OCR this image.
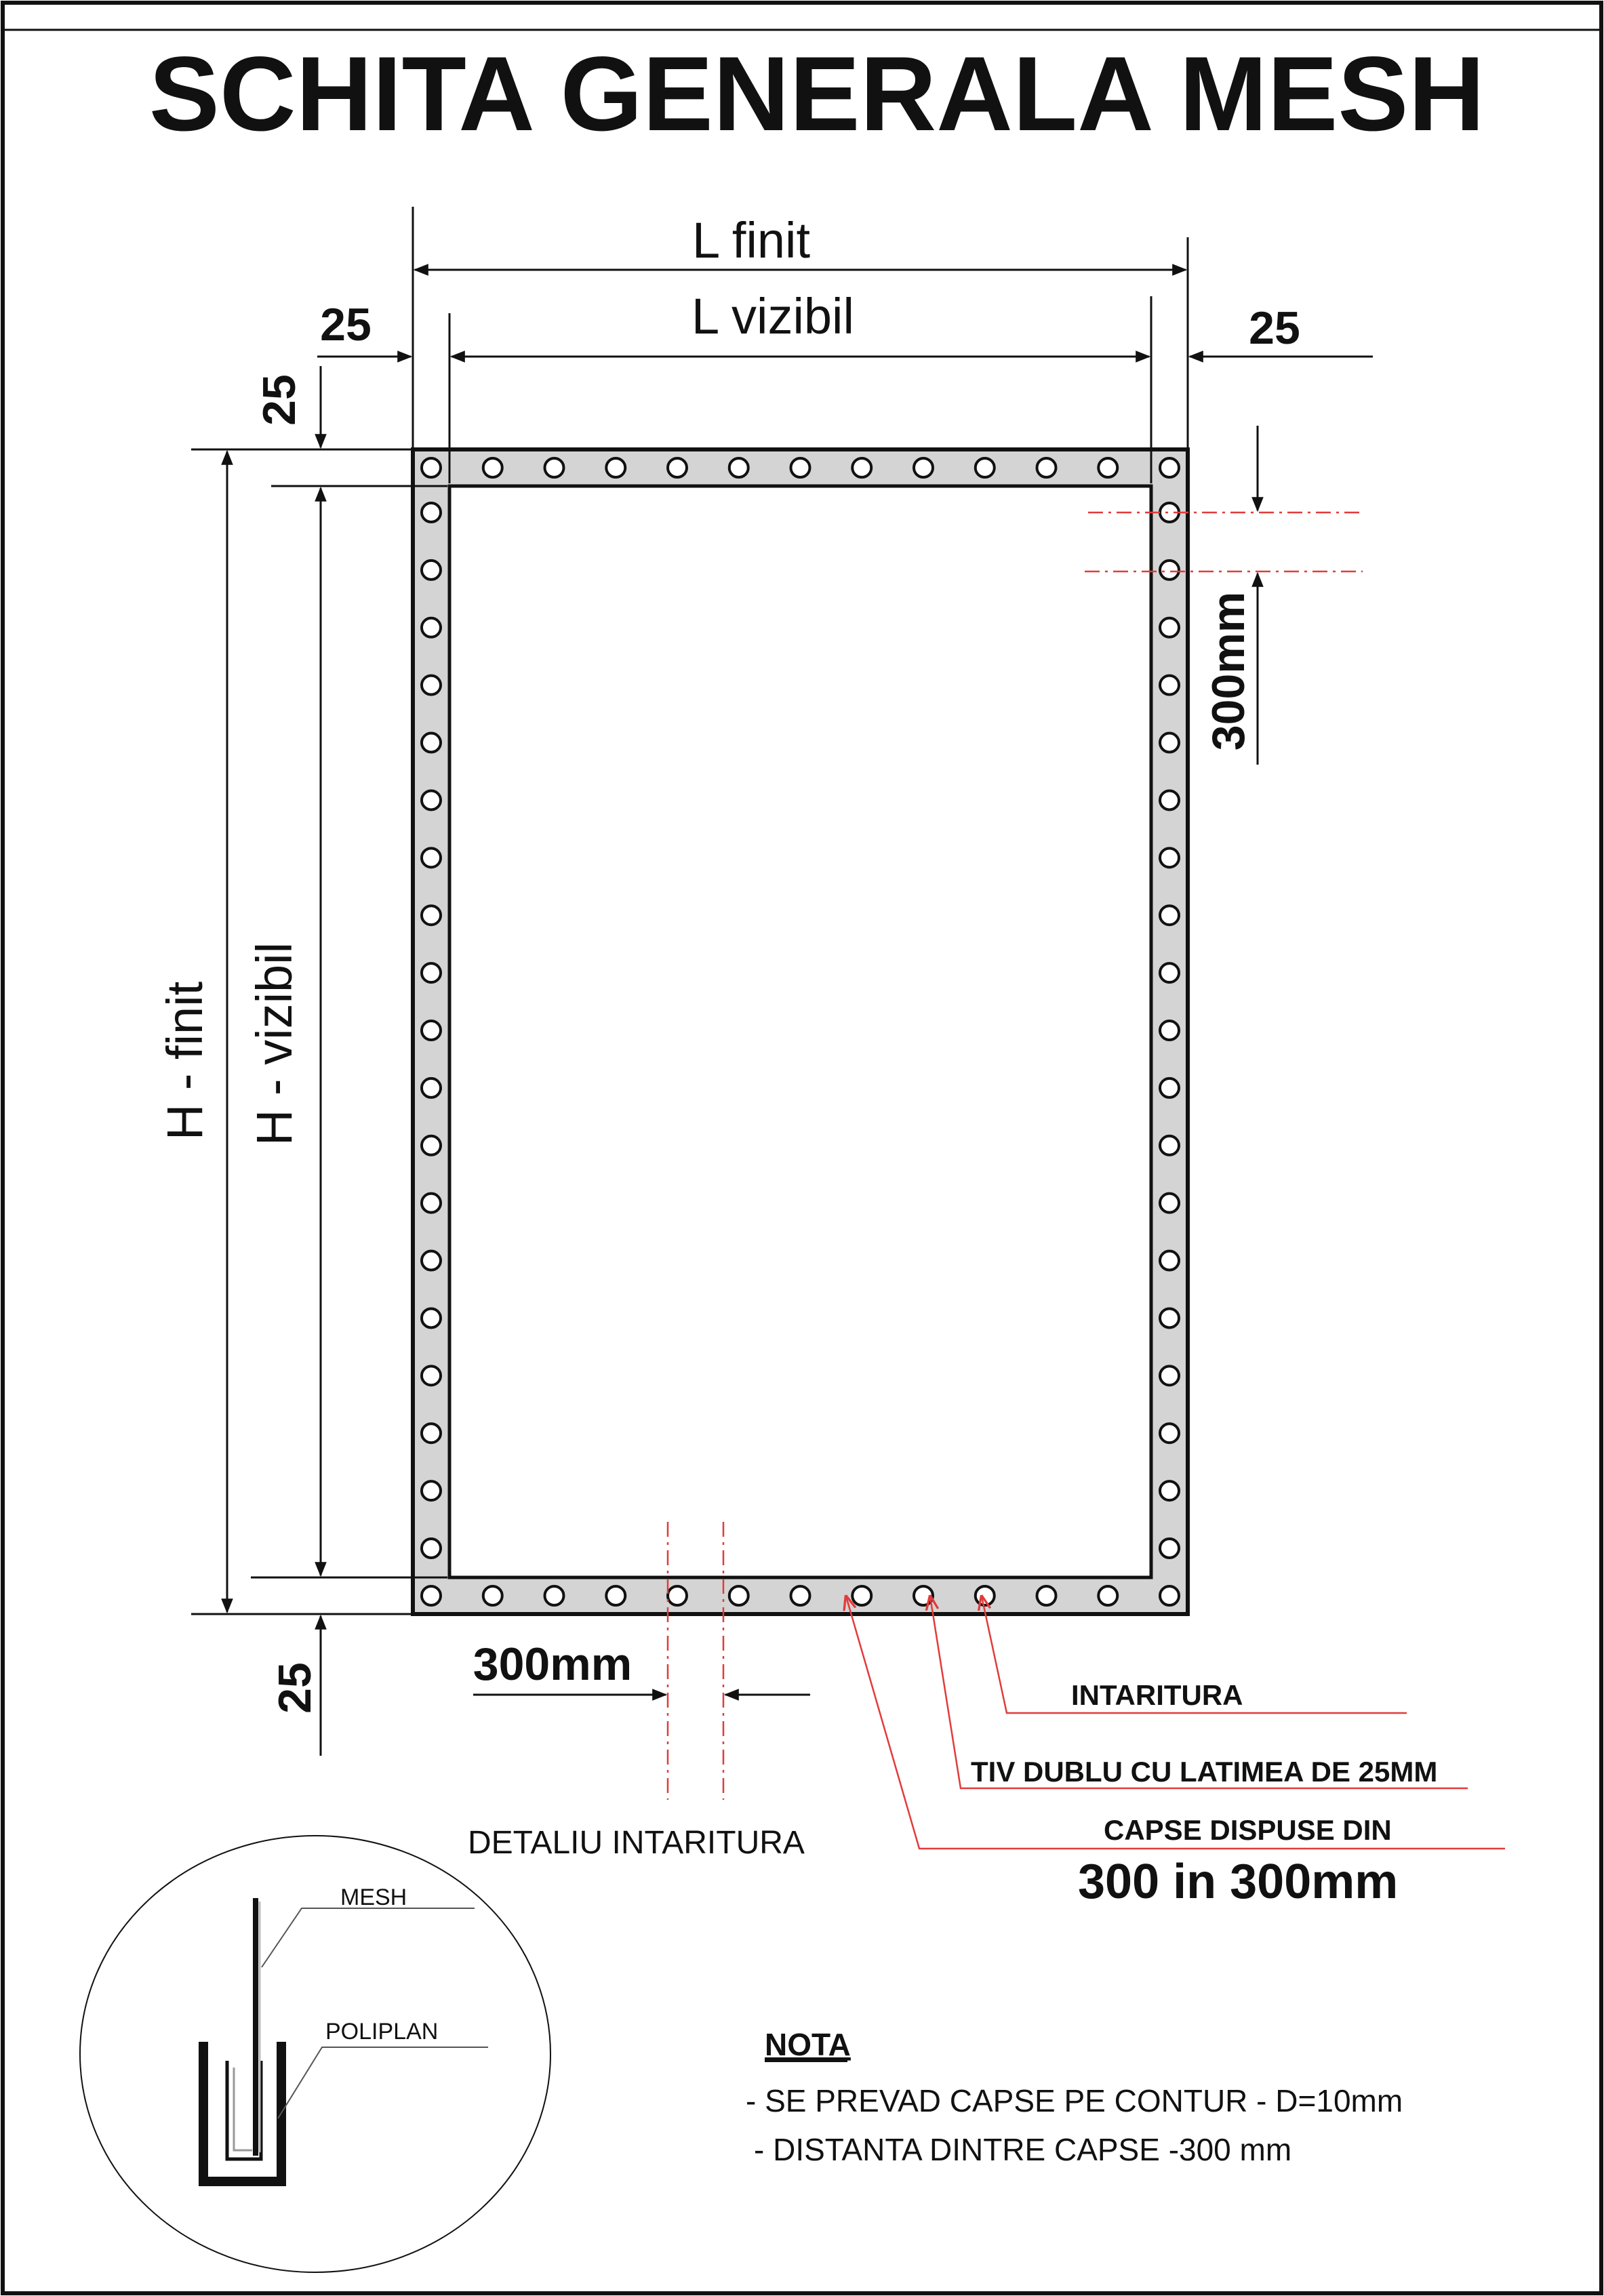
SCHITA GENERALA MESH
L finit
L vizibil
25	25
H - finit H - vizibil
25
25
300mm
300mm
INTARITURA
TIV DUBLU CU LATIMEA DE 25MM
CAPSE DISPUSE DIN
300 in 300mm
DETALIU INTARITURA
MESH
POLIPLAN	NOTA
- SE PREVAD CAPSE PE CONTUR - D=10mm
- DISTANTA DINTRE CAPSE -300 mm
